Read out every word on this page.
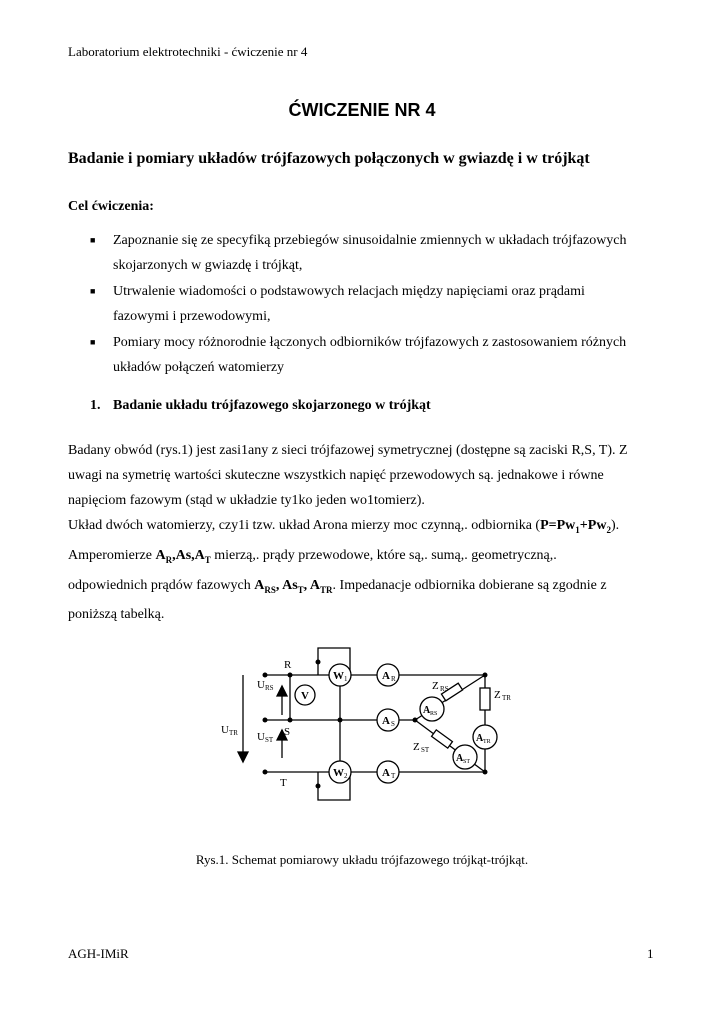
Laboratorium elektrotechniki - ćwiczenie nr 4
ĆWICZENIE NR 4
Badanie i pomiary układów trójfazowych połączonych w gwiazdę i w trójkąt
Cel ćwiczenia:
■ Zapoznanie się ze specyfiką przebiegów sinusoidalnie zmiennych w układach trójfazowych
skojarzonych w gwiazdę i trójkąt,
■ Utrwalenie wiadomości o podstawowych relacjach między napięciami oraz prądami
fazowymi i przewodowymi,
■ Pomiary mocy różnorodnie łączonych odbiorników trójfazowych z zastosowaniem różnych
układów połączeń watomierzy
1. Badanie układu trójfazowego skojarzonego w trójkąt
Badany obwód (rys.1) jest zasi1any z sieci trójfazowej symetrycznej (dostępne są zaciski R,S, T). Z
uwagi na symetrię wartości skuteczne wszystkich napięć przewodowych są. jednakowe i równe
napięciom fazowym (stąd w układzie ty1ko jeden wo1tomierz).
Układ dwóch watomierzy, czy1i tzw. układ Arona mierzy moc czynną,. odbiornika $(P=Pw_1+Pw_2)$.
Amperomierze $A_R,As,A_T$ mierzą,. prądy przewodowe, które są,. sumą,. geometryczną,.
odpowiednich prądów fazowych $A_{RS}$, $As_T$, $A_{TR}$. Impedanacje odbiornika dobierane są zgodnie z
poniższą tabelką.
W 1
W 2
V
A R
A S
A T
A RS
A ST
A TR
R
S
T
U RS
U ST
U TR
Z RS
Z ST
Z TR
Rys.1. Schemat pomiarowy układu trójfazowego trójkąt-trójkąt.
AGH-IMiR	1
